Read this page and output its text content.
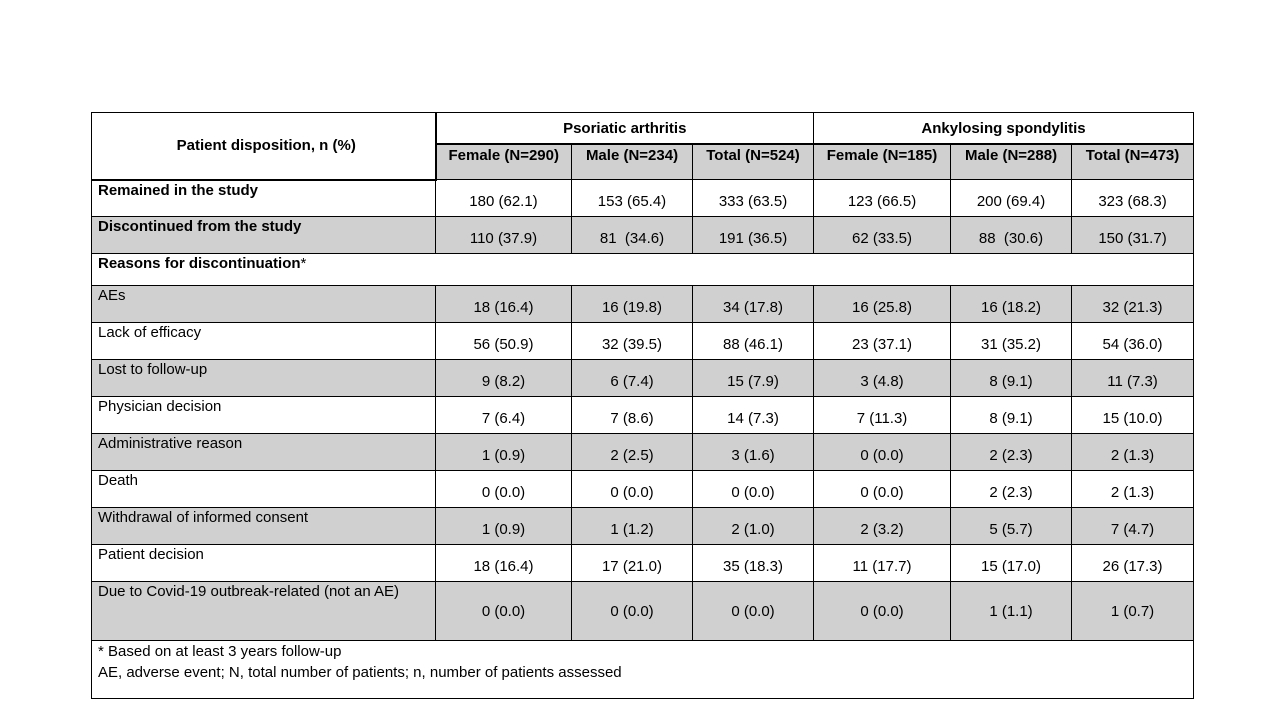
Patient disposition, n (%)	Psoriatic arthritis			Ankylosing spondylitis		
	Female (N=290)	Male (N=234)	Total (N=524)	Female (N=185)	Male (N=288)	Total (N=473)
Remained in the study	180 (62.1)	153 (65.4)	333 (63.5)	123 (66.5)	200 (69.4)	323 (68.3)
Discontinued from the study	110 (37.9)	81  (34.6)	191 (36.5)	62 (33.5)	88  (30.6)	150 (31.7)
Reasons for discontinuation*						
AEs	18 (16.4)	16 (19.8)	34 (17.8)	16 (25.8)	16 (18.2)	32 (21.3)
Lack of efficacy	56 (50.9)	32 (39.5)	88 (46.1)	23 (37.1)	31 (35.2)	54 (36.0)
Lost to follow-up	9 (8.2)	6 (7.4)	15 (7.9)	3 (4.8)	8 (9.1)	11 (7.3)
Physician decision	7 (6.4)	7 (8.6)	14 (7.3)	7 (11.3)	8 (9.1)	15 (10.0)
Administrative reason	1 (0.9)	2 (2.5)	3 (1.6)	0 (0.0)	2 (2.3)	2 (1.3)
Death	0 (0.0)	0 (0.0)	0 (0.0)	0 (0.0)	2 (2.3)	2 (1.3)
Withdrawal of informed consent	1 (0.9)	1 (1.2)	2 (1.0)	2 (3.2)	5 (5.7)	7 (4.7)
Patient decision	18 (16.4)	17 (21.0)	35 (18.3)	11 (17.7)	15 (17.0)	26 (17.3)
Due to Covid-19 outbreak-related (not an AE)	0 (0.0)	0 (0.0)	0 (0.0)	0 (0.0)	1 (1.1)	1 (0.7)

* Based on at least 3 years follow-up
AE, adverse event; N, total number of patients; n, number of patients assessed						
